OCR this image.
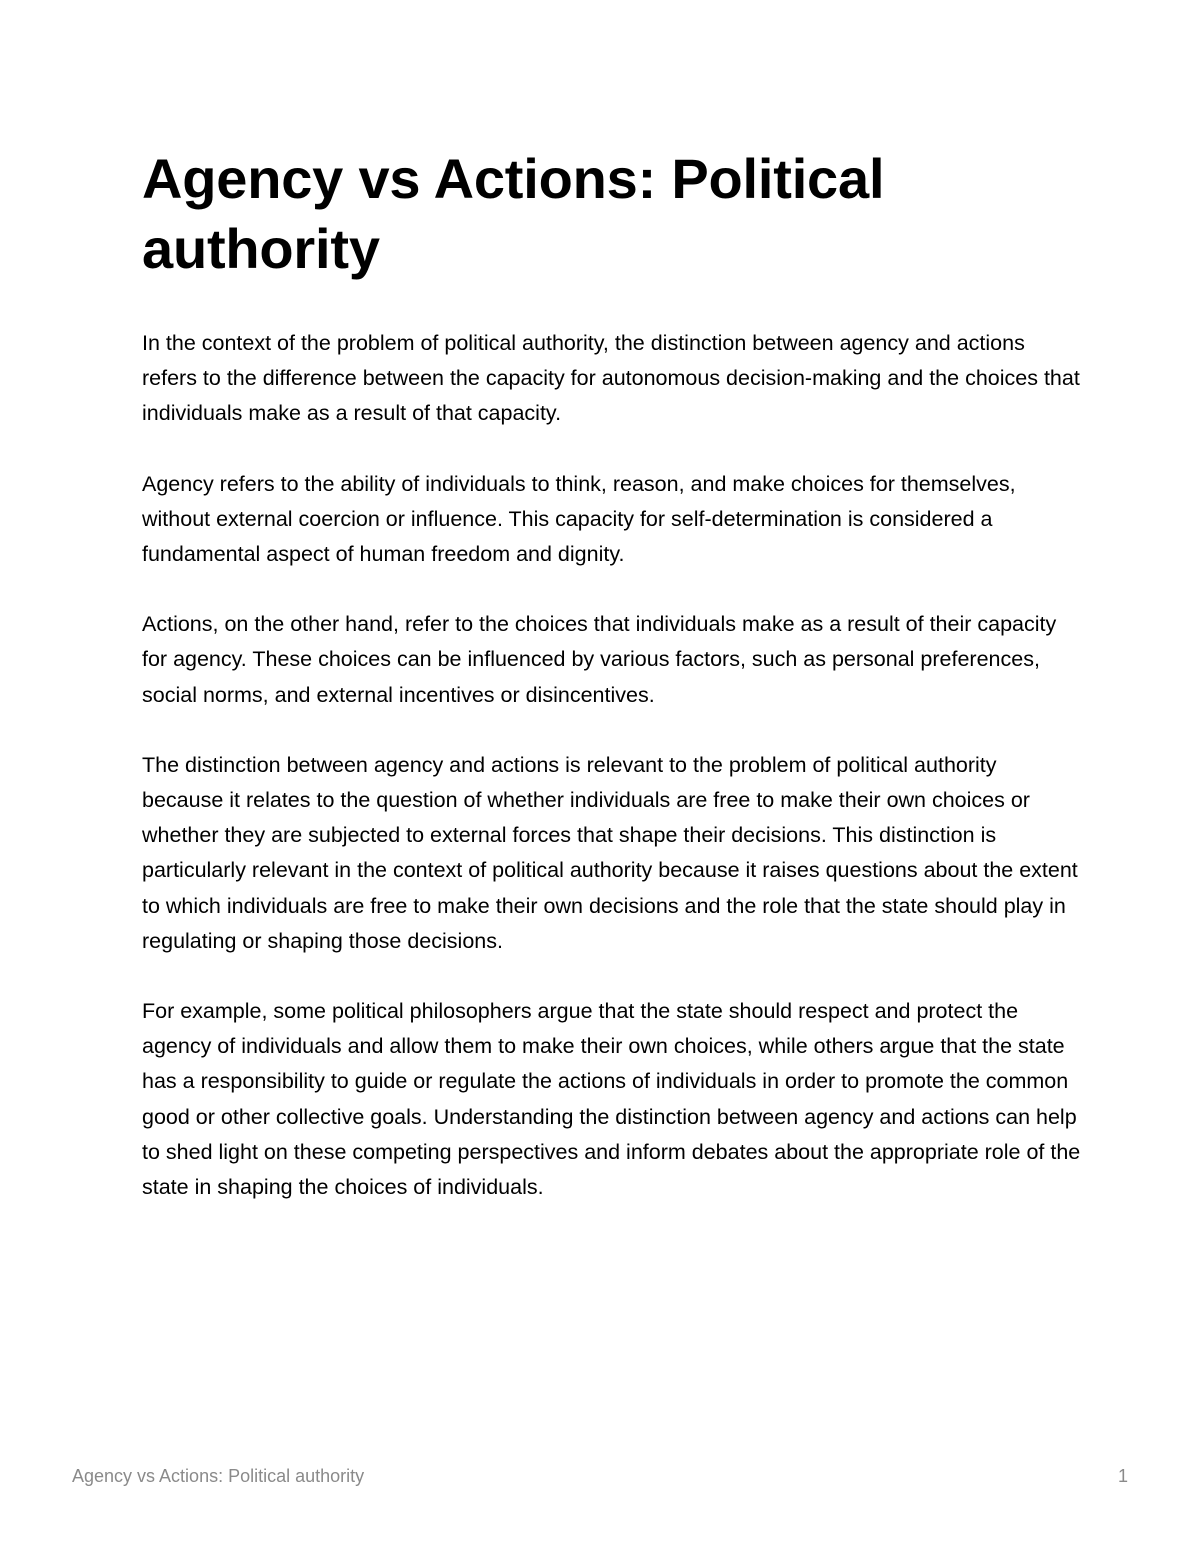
Agency vs Actions: Political authority

In the context of the problem of political authority, the distinction between agency and actions refers to the difference between the capacity for autonomous decision-making and the choices that individuals make as a result of that capacity.

Agency refers to the ability of individuals to think, reason, and make choices for themselves, without external coercion or influence. This capacity for self-determination is considered a fundamental aspect of human freedom and dignity.

Actions, on the other hand, refer to the choices that individuals make as a result of their capacity for agency. These choices can be influenced by various factors, such as personal preferences, social norms, and external incentives or disincentives.

The distinction between agency and actions is relevant to the problem of political authority because it relates to the question of whether individuals are free to make their own choices or whether they are subjected to external forces that shape their decisions. This distinction is particularly relevant in the context of political authority because it raises questions about the extent to which individuals are free to make their own decisions and the role that the state should play in regulating or shaping those decisions.

For example, some political philosophers argue that the state should respect and protect the agency of individuals and allow them to make their own choices, while others argue that the state has a responsibility to guide or regulate the actions of individuals in order to promote the common good or other collective goals. Understanding the distinction between agency and actions can help to shed light on these competing perspectives and inform debates about the appropriate role of the state in shaping the choices of individuals.

Agency vs Actions: Political authority	1
